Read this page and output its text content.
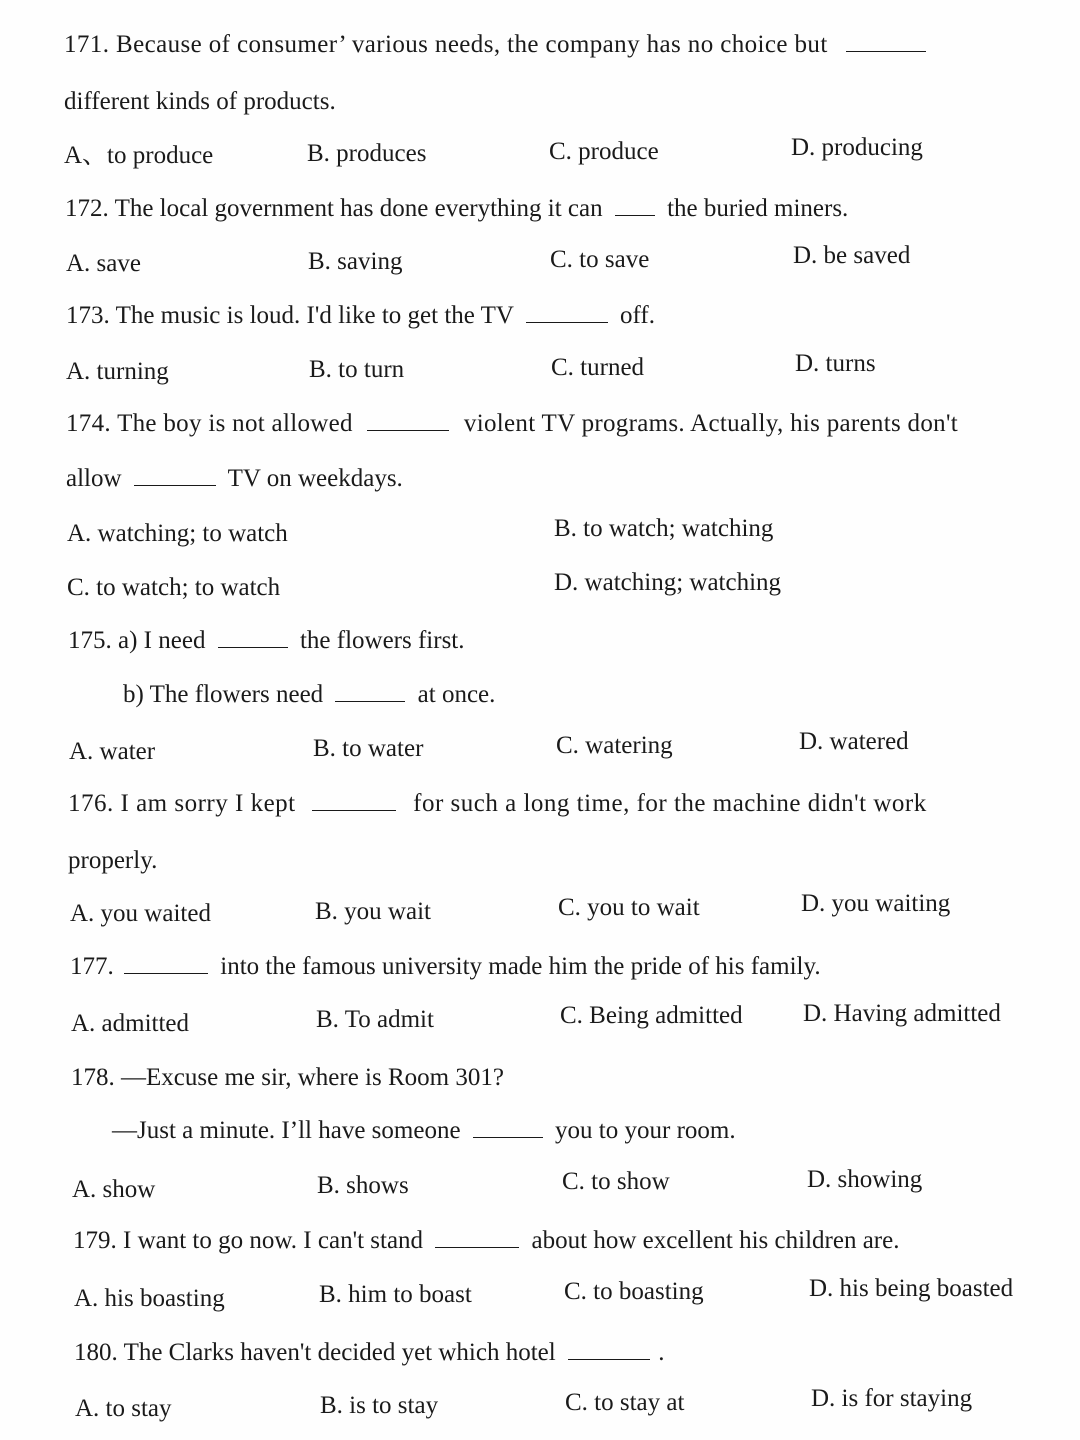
171. Because of consumer’ various needs, the company has no choice but
different kinds of products.
A、to produce	B. produces	C. produce	D. producing
172. The local government has done everything it can	the buried miners.
A. save	B. saving	C. to save	D. be saved
173. The music is loud. I'd like to get the TV	off.
A. turning	B. to turn	C. turned	D. turns
174. The boy is not allowed	violent TV programs. Actually, his parents don't
allow	TV on weekdays.
A. watching; to watch	B. to watch; watching
C. to watch; to watch	D. watching; watching
175. a) I need	the flowers first.
b) The flowers need	at once.
A. water	B. to water	C. watering	D. watered
176. I am sorry I kept	for such a long time, for the machine didn't work
properly.
A. you waited	B. you wait	C. you to wait	D. you waiting
177.	into the famous university made him the pride of his family.
A. admitted	B. To admit	C. Being admitted D. Having admitted
178. —Excuse me sir, where is Room 301?
—Just a minute. I’ll have someone	you to your room.
A. show	B. shows	C. to show	D. showing
179. I want to go now. I can't stand	about how excellent his children are.
A. his boasting	B. him to boast	C. to boasting	D. his being boasted
180. The Clarks haven't decided yet which hotel	.
A. to stay	B. is to stay	C. to stay at	D. is for staying
